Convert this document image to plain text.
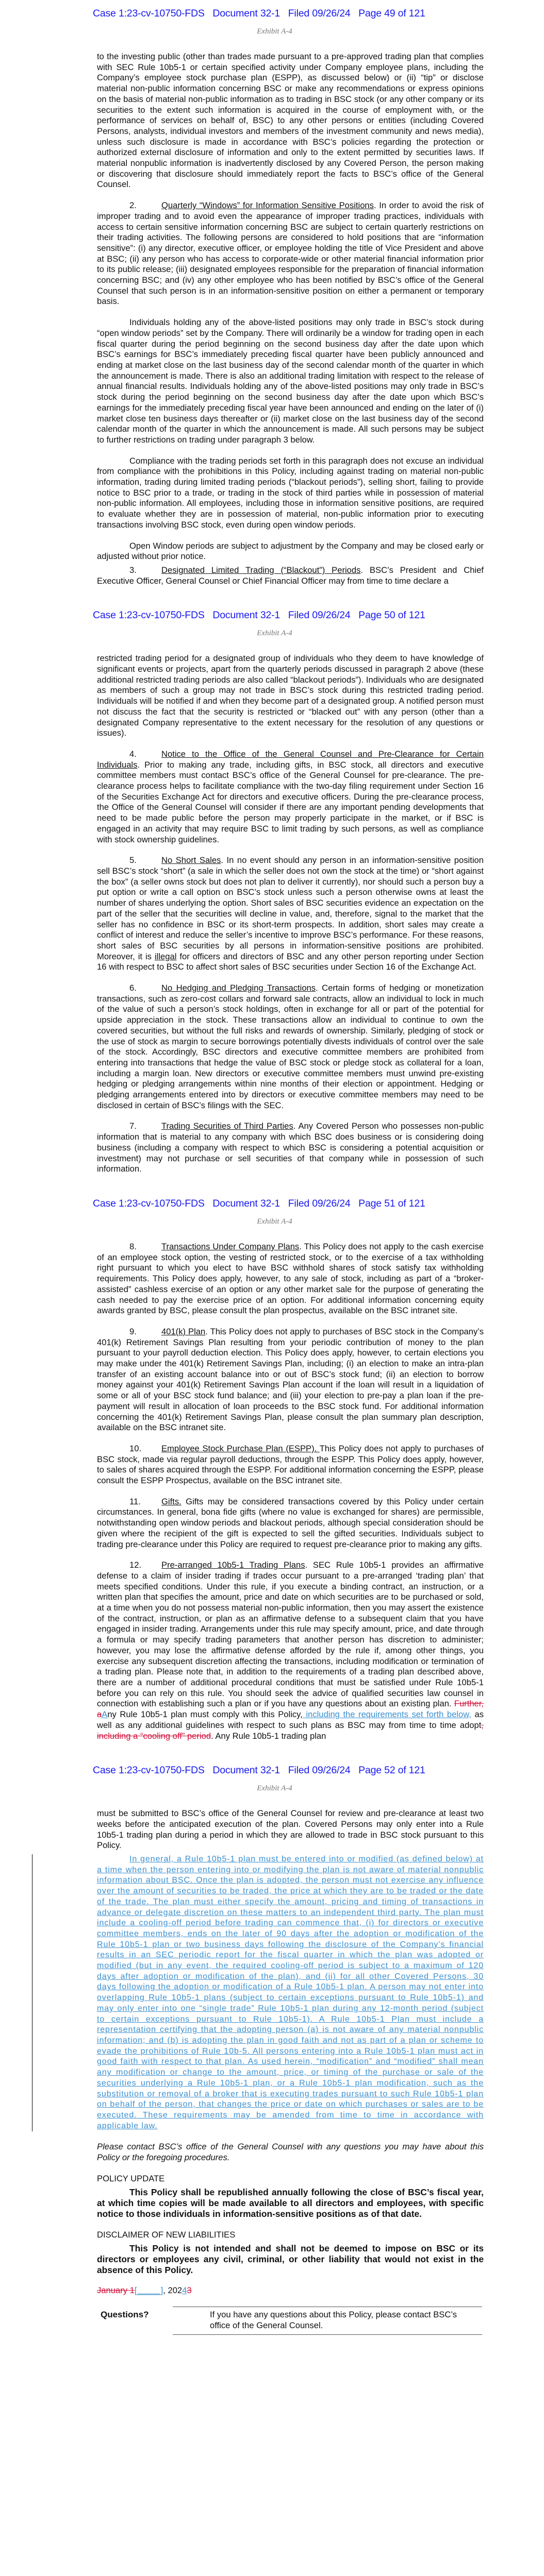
Case 1:23-cv-10750-FDS   Document 32-1   Filed 09/26/24   Page 49 of 121
Exhibit A-4
to the investing public (other than trades made pursuant to a pre-approved trading plan that complies with SEC Rule 10b5-1 or certain specified activity under Company employee plans, including the Company’s employee stock purchase plan (ESPP), as discussed below) or (ii) “tip” or disclose material non-public information concerning BSC or make any recommendations or express opinions on the basis of material non-public information as to trading in BSC stock (or any other company or its securities to the extent such information is acquired in the course of employment with, or the performance of services on behalf of, BSC) to any other persons or entities (including Covered Persons, analysts, individual investors and members of the investment community and news media), unless such disclosure is made in accordance with BSC’s policies regarding the protection or authorized external disclosure of information and only to the extent permitted by securities laws. If material nonpublic information is inadvertently disclosed by any Covered Person, the person making or discovering that disclosure should immediately report the facts to BSC’s office of the General Counsel.
2.	Quarterly “Windows” for Information Sensitive Positions. In order to avoid the risk of improper trading and to avoid even the appearance of improper trading practices, individuals with access to certain sensitive information concerning BSC are subject to certain quarterly restrictions on their trading activities. The following persons are considered to hold positions that are “information sensitive”: (i) any director, executive officer, or employee holding the title of Vice President and above at BSC; (ii) any person who has access to corporate-wide or other material financial information prior to its public release; (iii) designated employees responsible for the preparation of financial information concerning BSC; and (iv) any other employee who has been notified by BSC’s office of the General Counsel that such person is in an information-sensitive position on either a permanent or temporary basis.
Individuals holding any of the above-listed positions may only trade in BSC’s stock during “open window periods” set by the Company. There will ordinarily be a window for trading open in each fiscal quarter during the period beginning on the second business day after the date upon which BSC’s earnings for BSC’s immediately preceding fiscal quarter have been publicly announced and ending at market close on the last business day of the second calendar month of the quarter in which the announcement is made. There is also an additional trading limitation with respect to the release of annual financial results. Individuals holding any of the above-listed positions may only trade in BSC’s stock during the period beginning on the second business day after the date upon which BSC’s earnings for the immediately preceding fiscal year have been announced and ending on the later of (i) market close ten business days thereafter or (ii) market close on the last business day of the second calendar month of the quarter in which the announcement is made. All such persons may be subject to further restrictions on trading under paragraph 3 below.
Compliance with the trading periods set forth in this paragraph does not excuse an individual from compliance with the prohibitions in this Policy, including against trading on material non-public information, trading during limited trading periods (“blackout periods”), selling short, failing to provide notice to BSC prior to a trade, or trading in the stock of third parties while in possession of material non-public information. All employees, including those in information sensitive positions, are required to evaluate whether they are in possession of material, non-public information prior to executing transactions involving BSC stock, even during open window periods.
Open Window periods are subject to adjustment by the Company and may be closed early or adjusted without prior notice.
3.	Designated Limited Trading (“Blackout”) Periods. BSC’s President and Chief Executive Officer, General Counsel or Chief Financial Officer may from time to time declare a
Case 1:23-cv-10750-FDS   Document 32-1   Filed 09/26/24   Page 50 of 121
Exhibit A-4
restricted trading period for a designated group of individuals who they deem to have knowledge of significant events or projects, apart from the quarterly periods discussed in paragraph 2 above (these additional restricted trading periods are also called “blackout periods”). Individuals who are designated as members of such a group may not trade in BSC’s stock during this restricted trading period. Individuals will be notified if and when they become part of a designated group. A notified person must not discuss the fact that the security is restricted or “blacked out” with any person (other than a designated Company representative to the extent necessary for the resolution of any questions or issues).
4.	Notice to the Office of the General Counsel and Pre-Clearance for Certain Individuals. Prior to making any trade, including gifts, in BSC stock, all directors and executive committee members must contact BSC’s office of the General Counsel for pre-clearance. The pre-clearance process helps to facilitate compliance with the two-day filing requirement under Section 16 of the Securities Exchange Act for directors and executive officers. During the pre-clearance process, the Office of the General Counsel will consider if there are any important pending developments that need to be made public before the person may properly participate in the market, or if BSC is engaged in an activity that may require BSC to limit trading by such persons, as well as compliance with stock ownership guidelines.
5.	No Short Sales. In no event should any person in an information-sensitive position sell BSC’s stock “short” (a sale in which the seller does not own the stock at the time) or “short against the box” (a seller owns stock but does not plan to deliver it currently), nor should such a person buy a put option or write a call option on BSC’s stock unless such a person otherwise owns at least the number of shares underlying the option. Short sales of BSC securities evidence an expectation on the part of the seller that the securities will decline in value, and, therefore, signal to the market that the seller has no confidence in BSC or its short-term prospects. In addition, short sales may create a conflict of interest and reduce the seller’s incentive to improve BSC’s performance. For these reasons, short sales of BSC securities by all persons in information-sensitive positions are prohibited. Moreover, it is illegal for officers and directors of BSC and any other person reporting under Section 16 with respect to BSC to affect short sales of BSC securities under Section 16 of the Exchange Act.
6.	No Hedging and Pledging Transactions. Certain forms of hedging or monetization transactions, such as zero-cost collars and forward sale contracts, allow an individual to lock in much of the value of such a person’s stock holdings, often in exchange for all or part of the potential for upside appreciation in the stock. These transactions allow an individual to continue to own the covered securities, but without the full risks and rewards of ownership. Similarly, pledging of stock or the use of stock as margin to secure borrowings potentially divests individuals of control over the sale of the stock. Accordingly, BSC directors and executive committee members are prohibited from entering into transactions that hedge the value of BSC stock or pledge stock as collateral for a loan, including a margin loan. New directors or executive committee members must unwind pre-existing hedging or pledging arrangements within nine months of their election or appointment. Hedging or pledging arrangements entered into by directors or executive committee members may need to be disclosed in certain of BSC’s filings with the SEC.
7.	Trading Securities of Third Parties. Any Covered Person who possesses non-public information that is material to any company with which BSC does business or is considering doing business (including a company with respect to which BSC is considering a potential acquisition or investment) may not purchase or sell securities of that company while in possession of such information.
Case 1:23-cv-10750-FDS   Document 32-1   Filed 09/26/24   Page 51 of 121
Exhibit A-4
8.	Transactions Under Company Plans. This Policy does not apply to the cash exercise of an employee stock option, the vesting of restricted stock, or to the exercise of a tax withholding right pursuant to which you elect to have BSC withhold shares of stock satisfy tax withholding requirements. This Policy does apply, however, to any sale of stock, including as part of a “broker-assisted” cashless exercise of an option or any other market sale for the purpose of generating the cash needed to pay the exercise price of an option. For additional information concerning equity awards granted by BSC, please consult the plan prospectus, available on the BSC intranet site.
9.	401(k) Plan. This Policy does not apply to purchases of BSC stock in the Company’s 401(k) Retirement Savings Plan resulting from your periodic contribution of money to the plan pursuant to your payroll deduction election. This Policy does apply, however, to certain elections you may make under the 401(k) Retirement Savings Plan, including; (i) an election to make an intra-plan transfer of an existing account balance into or out of BSC’s stock fund; (ii) an election to borrow money against your 401(k) Retirement Savings Plan account if the loan will result in a liquidation of some or all of your BSC stock fund balance; and (iii) your election to pre-pay a plan loan if the pre-payment will result in allocation of loan proceeds to the BSC stock fund. For additional information concerning the 401(k) Retirement Savings Plan, please consult the plan summary plan description, available on the BSC intranet site.
10. Employee Stock Purchase Plan (ESPP). This Policy does not apply to purchases of BSC stock, made via regular payroll deductions, through the ESPP. This Policy does apply, however, to sales of shares acquired through the ESPP. For additional information concerning the ESPP, please consult the ESPP Prospectus, available on the BSC intranet site.
11. Gifts. Gifts may be considered transactions covered by this Policy under certain circumstances. In general, bona fide gifts (where no value is exchanged for shares) are permissible, notwithstanding open window periods and blackout periods, although special consideration should be given where the recipient of the gift is expected to sell the gifted securities. Individuals subject to trading pre-clearance under this Policy are required to request pre-clearance prior to making any gifts.
12. Pre-arranged 10b5-1 Trading Plans. SEC Rule 10b5-1 provides an affirmative defense to a claim of insider trading if trades occur pursuant to a pre-arranged ‘trading plan’ that meets specified conditions. Under this rule, if you execute a binding contract, an instruction, or a written plan that specifies the amount, price and date on which securities are to be purchased or sold, at a time when you do not possess material non-public information, then you may assert the existence of the contract, instruction, or plan as an affirmative defense to a subsequent claim that you have engaged in insider trading. Arrangements under this rule may specify amount, price, and date through a formula or may specify trading parameters that another person has discretion to administer; however, you may lose the affirmative defense afforded by the rule if, among other things, you exercise any subsequent discretion affecting the transactions, including modification or termination of a trading plan. Please note that, in addition to the requirements of a trading plan described above, there are a number of additional procedural conditions that must be satisfied under Rule 10b5-1 before you can rely on this rule. You should seek the advice of qualified securities law counsel in connection with establishing such a plan or if you have any questions about an existing plan. Further, aAny Rule 10b5-1 plan must comply with this Policy, including the requirements set forth below, as well as any additional guidelines with respect to such plans as BSC may from time to time adopt, including a “cooling off” period. Any Rule 10b5-1 trading plan
Case 1:23-cv-10750-FDS   Document 32-1   Filed 09/26/24   Page 52 of 121
Exhibit A-4
must be submitted to BSC’s office of the General Counsel for review and pre-clearance at least two weeks before the anticipated execution of the plan. Covered Persons may only enter into a Rule 10b5-1 trading plan during a period in which they are allowed to trade in BSC stock pursuant to this Policy.
In general, a Rule 10b5-1 plan must be entered into or modified (as defined below) at a time when the person entering into or modifying the plan is not aware of material nonpublic information about BSC. Once the plan is adopted, the person must not exercise any influence over the amount of securities to be traded, the price at which they are to be traded or the date of the trade. The plan must either specify the amount, pricing and timing of transactions in advance or delegate discretion on these matters to an independent third party. The plan must include a cooling-off period before trading can commence that, (i) for directors or executive committee members, ends on the later of 90 days after the adoption or modification of the Rule 10b5-1 plan or two business days following the disclosure of the Company’s financial results in an SEC periodic report for the fiscal quarter in which the plan was adopted or modified (but in any event, the required cooling-off period is subject to a maximum of 120 days after adoption or modification of the plan), and (ii) for all other Covered Persons, 30 days following the adoption or modification of a Rule 10b5-1 plan. A person may not enter into overlapping Rule 10b5-1 plans (subject to certain exceptions pursuant to Rule 10b5-1) and may only enter into one “single trade” Rule 10b5-1 plan during any 12-month period (subject to certain exceptions pursuant to Rule 10b5-1). A Rule 10b5-1 Plan must include a representation certifying that the adopting person (a) is not aware of any material nonpublic information; and (b) is adopting the plan in good faith and not as part of a plan or scheme to evade the prohibitions of Rule 10b-5. All persons entering into a Rule 10b5-1 plan must act in good faith with respect to that plan. As used herein, “modification” and “modified” shall mean any modification or change to the amount, price, or timing of the purchase or sale of the securities underlying a Rule 10b5-1 plan, or a Rule 10b5-1 plan modification, such as the substitution or removal of a broker that is executing trades pursuant to such Rule 10b5-1 plan on behalf of the person, that changes the price or date on which purchases or sales are to be executed. These requirements may be amended from time to time in accordance with applicable law.
Please contact BSC’s office of the General Counsel with any questions you may have about this Policy or the foregoing procedures.
POLICY UPDATE
This Policy shall be republished annually following the close of BSC’s fiscal year, at which time copies will be made available to all directors and employees, with specific notice to those individuals in information-sensitive positions as of that date.
DISCLAIMER OF NEW LIABILITIES
This Policy is not intended and shall not be deemed to impose on BSC or its directors or employees any civil, criminal, or other liability that would not exist in the absence of this Policy.
January 1[_____], 20243
Questions?	If you have any questions about this Policy, please contact BSC’s office of the General Counsel.
